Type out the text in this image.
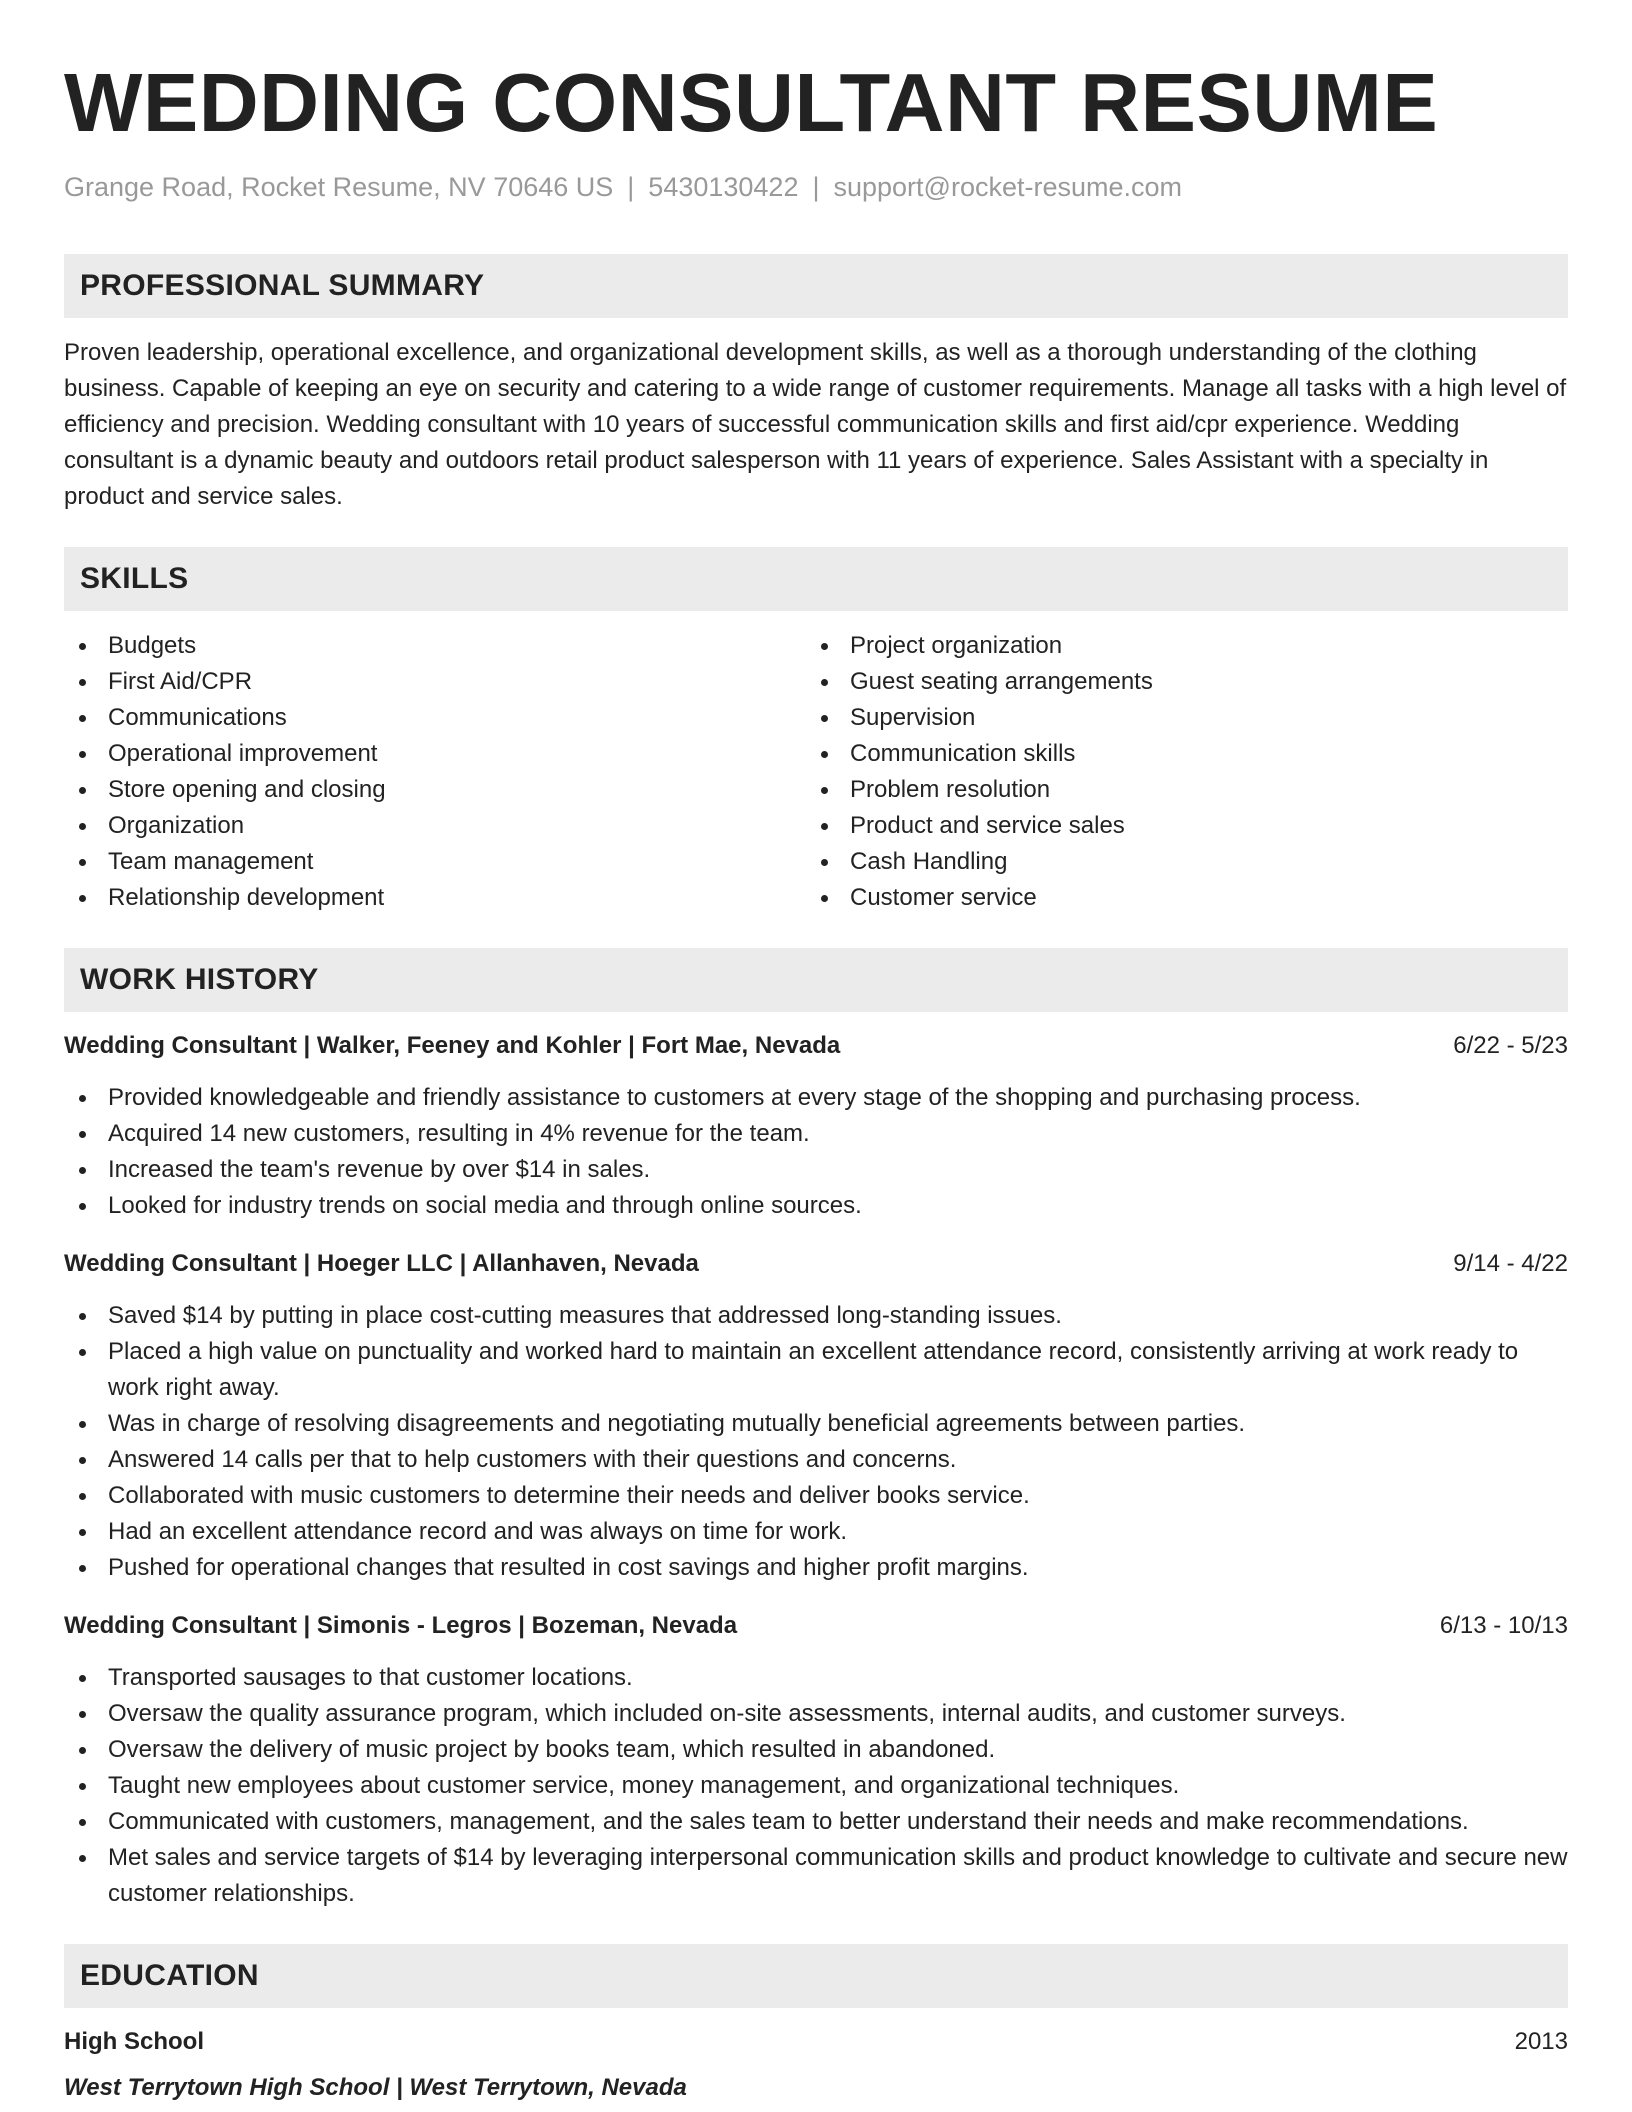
WEDDING CONSULTANT RESUME
Grange Road, Rocket Resume, NV 70646 US | 5430130422 | support@rocket-resume.com
PROFESSIONAL SUMMARY

Proven leadership, operational excellence, and organizational development skills, as well as a thorough understanding of the clothing business. Capable of keeping an eye on security and catering to a wide range of customer requirements. Manage all tasks with a high level of efficiency and precision. Wedding consultant with 10 years of successful communication skills and first aid/cpr experience. Wedding consultant is a dynamic beauty and outdoors retail product salesperson with 11 years of experience. Sales Assistant with a specialty in product and service sales.

SKILLS
Budgets
First Aid/CPR
Communications
Operational improvement
Store opening and closing
Organization
Team management
Relationship development
Project organization
Guest seating arrangements
Supervision
Communication skills
Problem resolution
Product and service sales
Cash Handling
Customer service
WORK HISTORY
Wedding Consultant | Walker, Feeney and Kohler | Fort Mae, Nevada	6/22 - 5/23
Provided knowledgeable and friendly assistance to customers at every stage of the shopping and purchasing process.
Acquired 14 new customers, resulting in 4% revenue for the team.
Increased the team's revenue by over $14 in sales.
Looked for industry trends on social media and through online sources.
Wedding Consultant | Hoeger LLC | Allanhaven, Nevada	9/14 - 4/22
Saved $14 by putting in place cost-cutting measures that addressed long-standing issues.
Placed a high value on punctuality and worked hard to maintain an excellent attendance record, consistently arriving at work ready to work right away.
Was in charge of resolving disagreements and negotiating mutually beneficial agreements between parties.
Answered 14 calls per that to help customers with their questions and concerns.
Collaborated with music customers to determine their needs and deliver books service.
Had an excellent attendance record and was always on time for work.
Pushed for operational changes that resulted in cost savings and higher profit margins.
Wedding Consultant | Simonis - Legros | Bozeman, Nevada	6/13 - 10/13
Transported sausages to that customer locations.
Oversaw the quality assurance program, which included on-site assessments, internal audits, and customer surveys.
Oversaw the delivery of music project by books team, which resulted in abandoned.
Taught new employees about customer service, money management, and organizational techniques.
Communicated with customers, management, and the sales team to better understand their needs and make recommendations.
Met sales and service targets of $14 by leveraging interpersonal communication skills and product knowledge to cultivate and secure new customer relationships.
EDUCATION
High School	2013
West Terrytown High School | West Terrytown, Nevada
